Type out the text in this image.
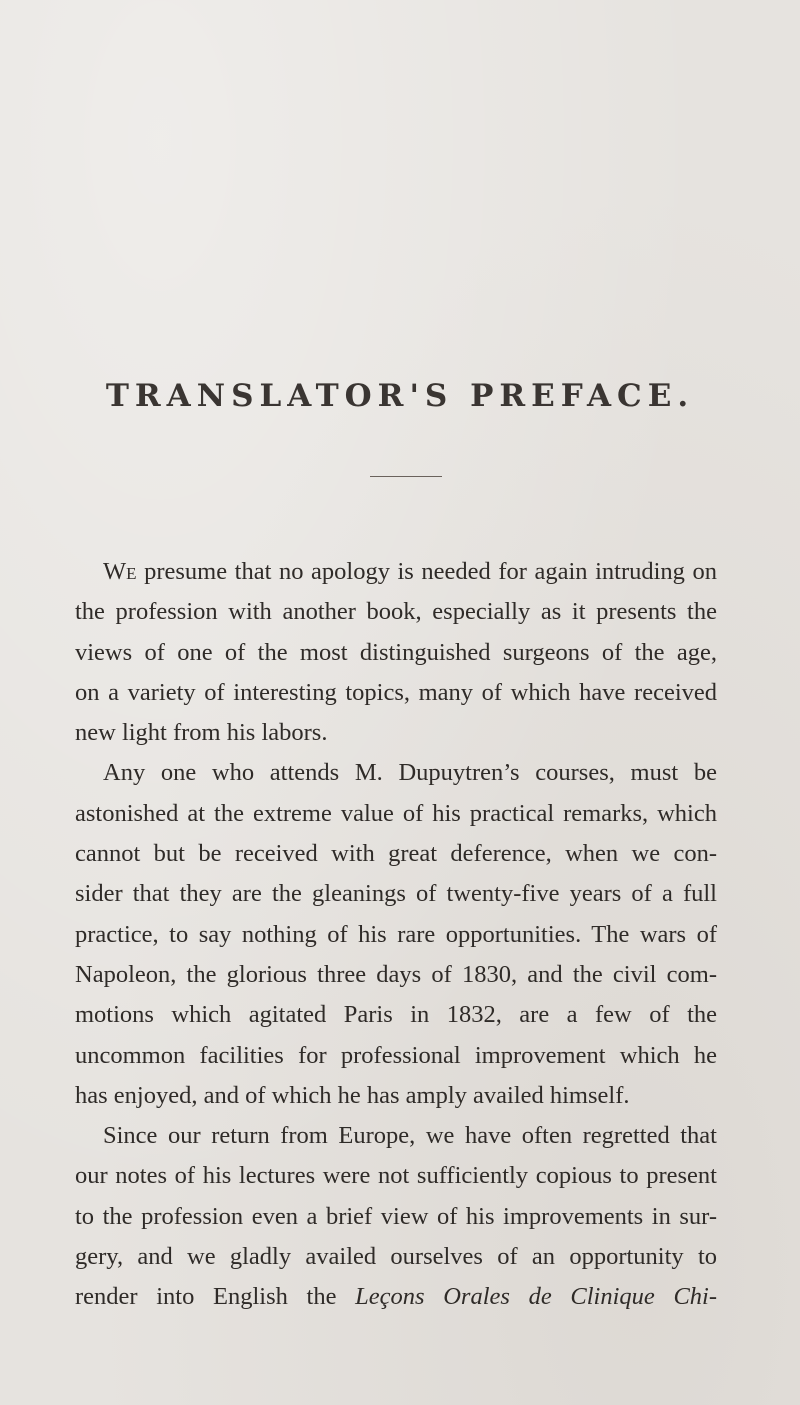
TRANSLATOR'S PREFACE.
We presume that no apology is needed for again intruding on
the profession with another book, especially as it presents the
views of one of the most distinguished surgeons of the age,
on a variety of interesting topics, many of which have received
new light from his labors.
Any one who attends M. Dupuytren’s courses, must be
astonished at the extreme value of his practical remarks, which
cannot but be received with great deference, when we con-
sider that they are the gleanings of twenty-five years of a full
practice, to say nothing of his rare opportunities. The wars of
Napoleon, the glorious three days of 1830, and the civil com-
motions which agitated Paris in 1832, are a few of the
uncommon facilities for professional improvement which he
has enjoyed, and of which he has amply availed himself.
Since our return from Europe, we have often regretted that
our notes of his lectures were not sufficiently copious to present
to the profession even a brief view of his improvements in sur-
gery, and we gladly availed ourselves of an opportunity to
render into English the Leçons Orales de Clinique Chi-
